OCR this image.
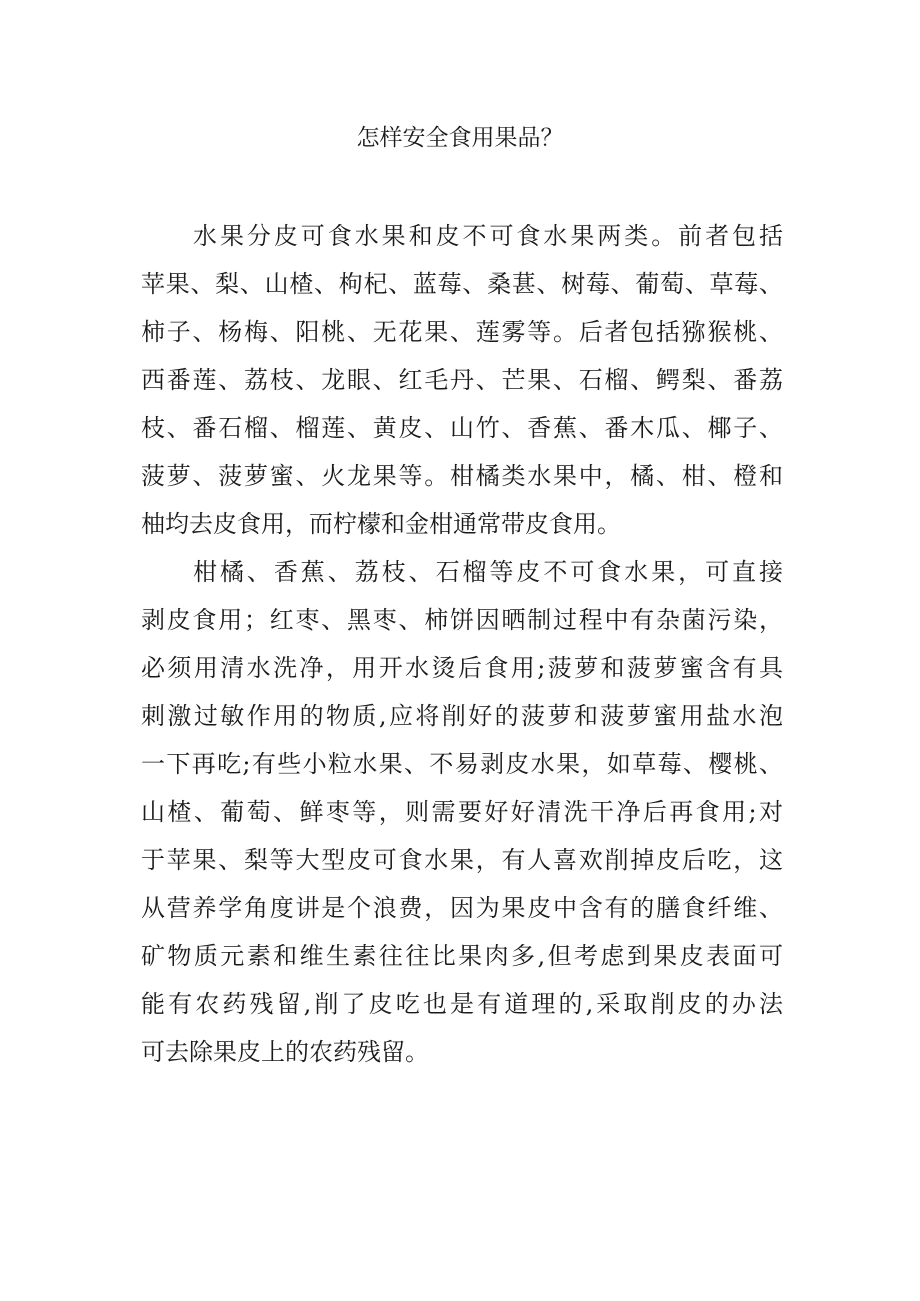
怎样安全食用果品？
水果分皮可食水果和皮不可食水果两类。前者包括
苹果、梨、山楂、枸杞、蓝莓、桑葚、树莓、葡萄、草莓、
柿子、杨梅、阳桃、无花果、莲雾等。后者包括猕猴桃、
西番莲、荔枝、龙眼、红毛丹、芒果、石榴、鳄梨、番荔
枝、番石榴、榴莲、黄皮、山竹、香蕉、番木瓜、椰子、
菠萝、菠萝蜜、火龙果等。柑橘类水果中，橘、柑、橙和
柚均去皮食用，而柠檬和金柑通常带皮食用。
柑橘、香蕉、荔枝、石榴等皮不可食水果，可直接
剥皮食用；红枣、黑枣、柿饼因晒制过程中有杂菌污染，
必须用清水洗净，用开水烫后食用;菠萝和菠萝蜜含有具
刺激过敏作用的物质,应将削好的菠萝和菠萝蜜用盐水泡
一下再吃;有些小粒水果、不易剥皮水果，如草莓、樱桃、
山楂、葡萄、鲜枣等，则需要好好清洗干净后再食用;对
于苹果、梨等大型皮可食水果，有人喜欢削掉皮后吃，这
从营养学角度讲是个浪费，因为果皮中含有的膳食纤维、
矿物质元素和维生素往往比果肉多,但考虑到果皮表面可
能有农药残留,削了皮吃也是有道理的,采取削皮的办法
可去除果皮上的农药残留。
